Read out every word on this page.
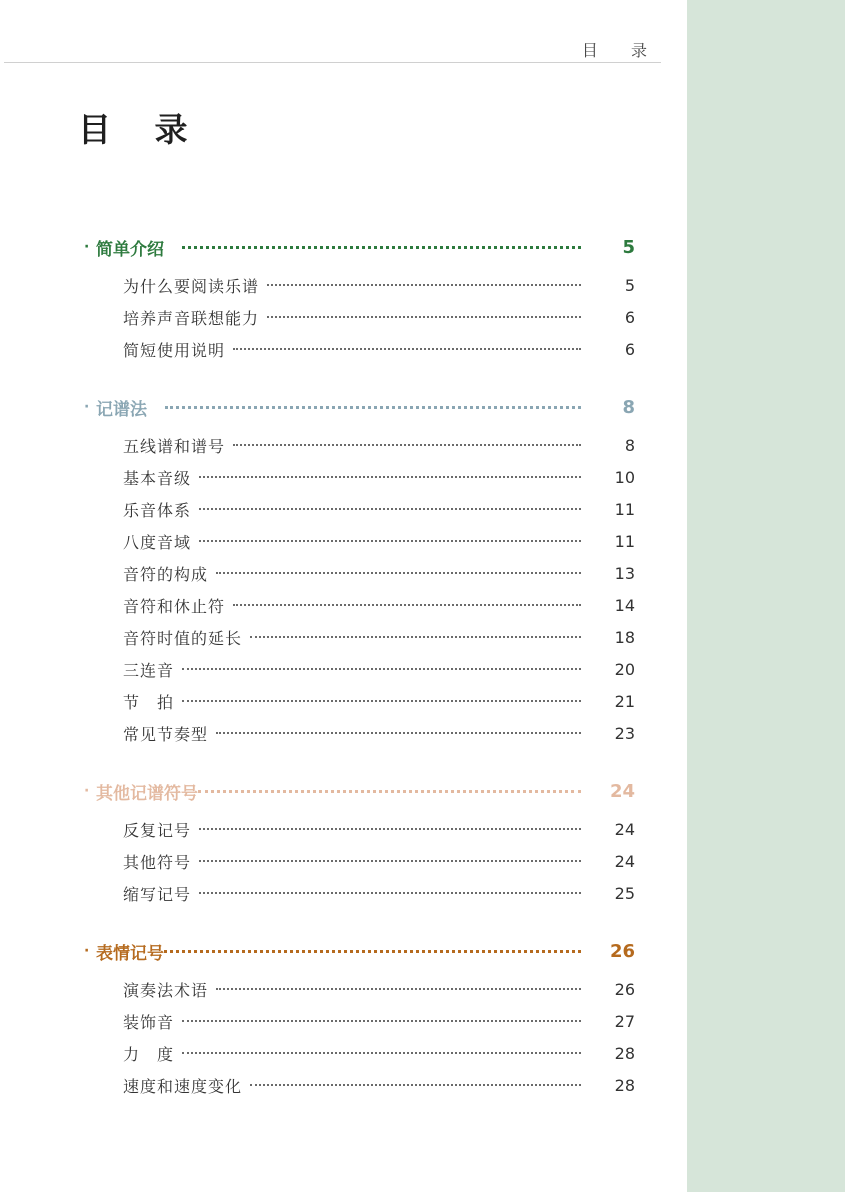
目 录
目 录
· 简单介绍	5
为什么要阅读乐谱	5
培养声音联想能力	6
简短使用说明	6
· 记谱法	8
五线谱和谱号	8
基本音级	10
乐音体系	11
八度音域	11
音符的构成	13
音符和休止符	14
音符时值的延长	18
三连音	20
节　拍	21
常见节奏型	23
· 其他记谱符号	24
反复记号	24
其他符号	24
缩写记号	25
· 表情记号	26
演奏法术语	26
装饰音	27
力　度	28
速度和速度变化	28
